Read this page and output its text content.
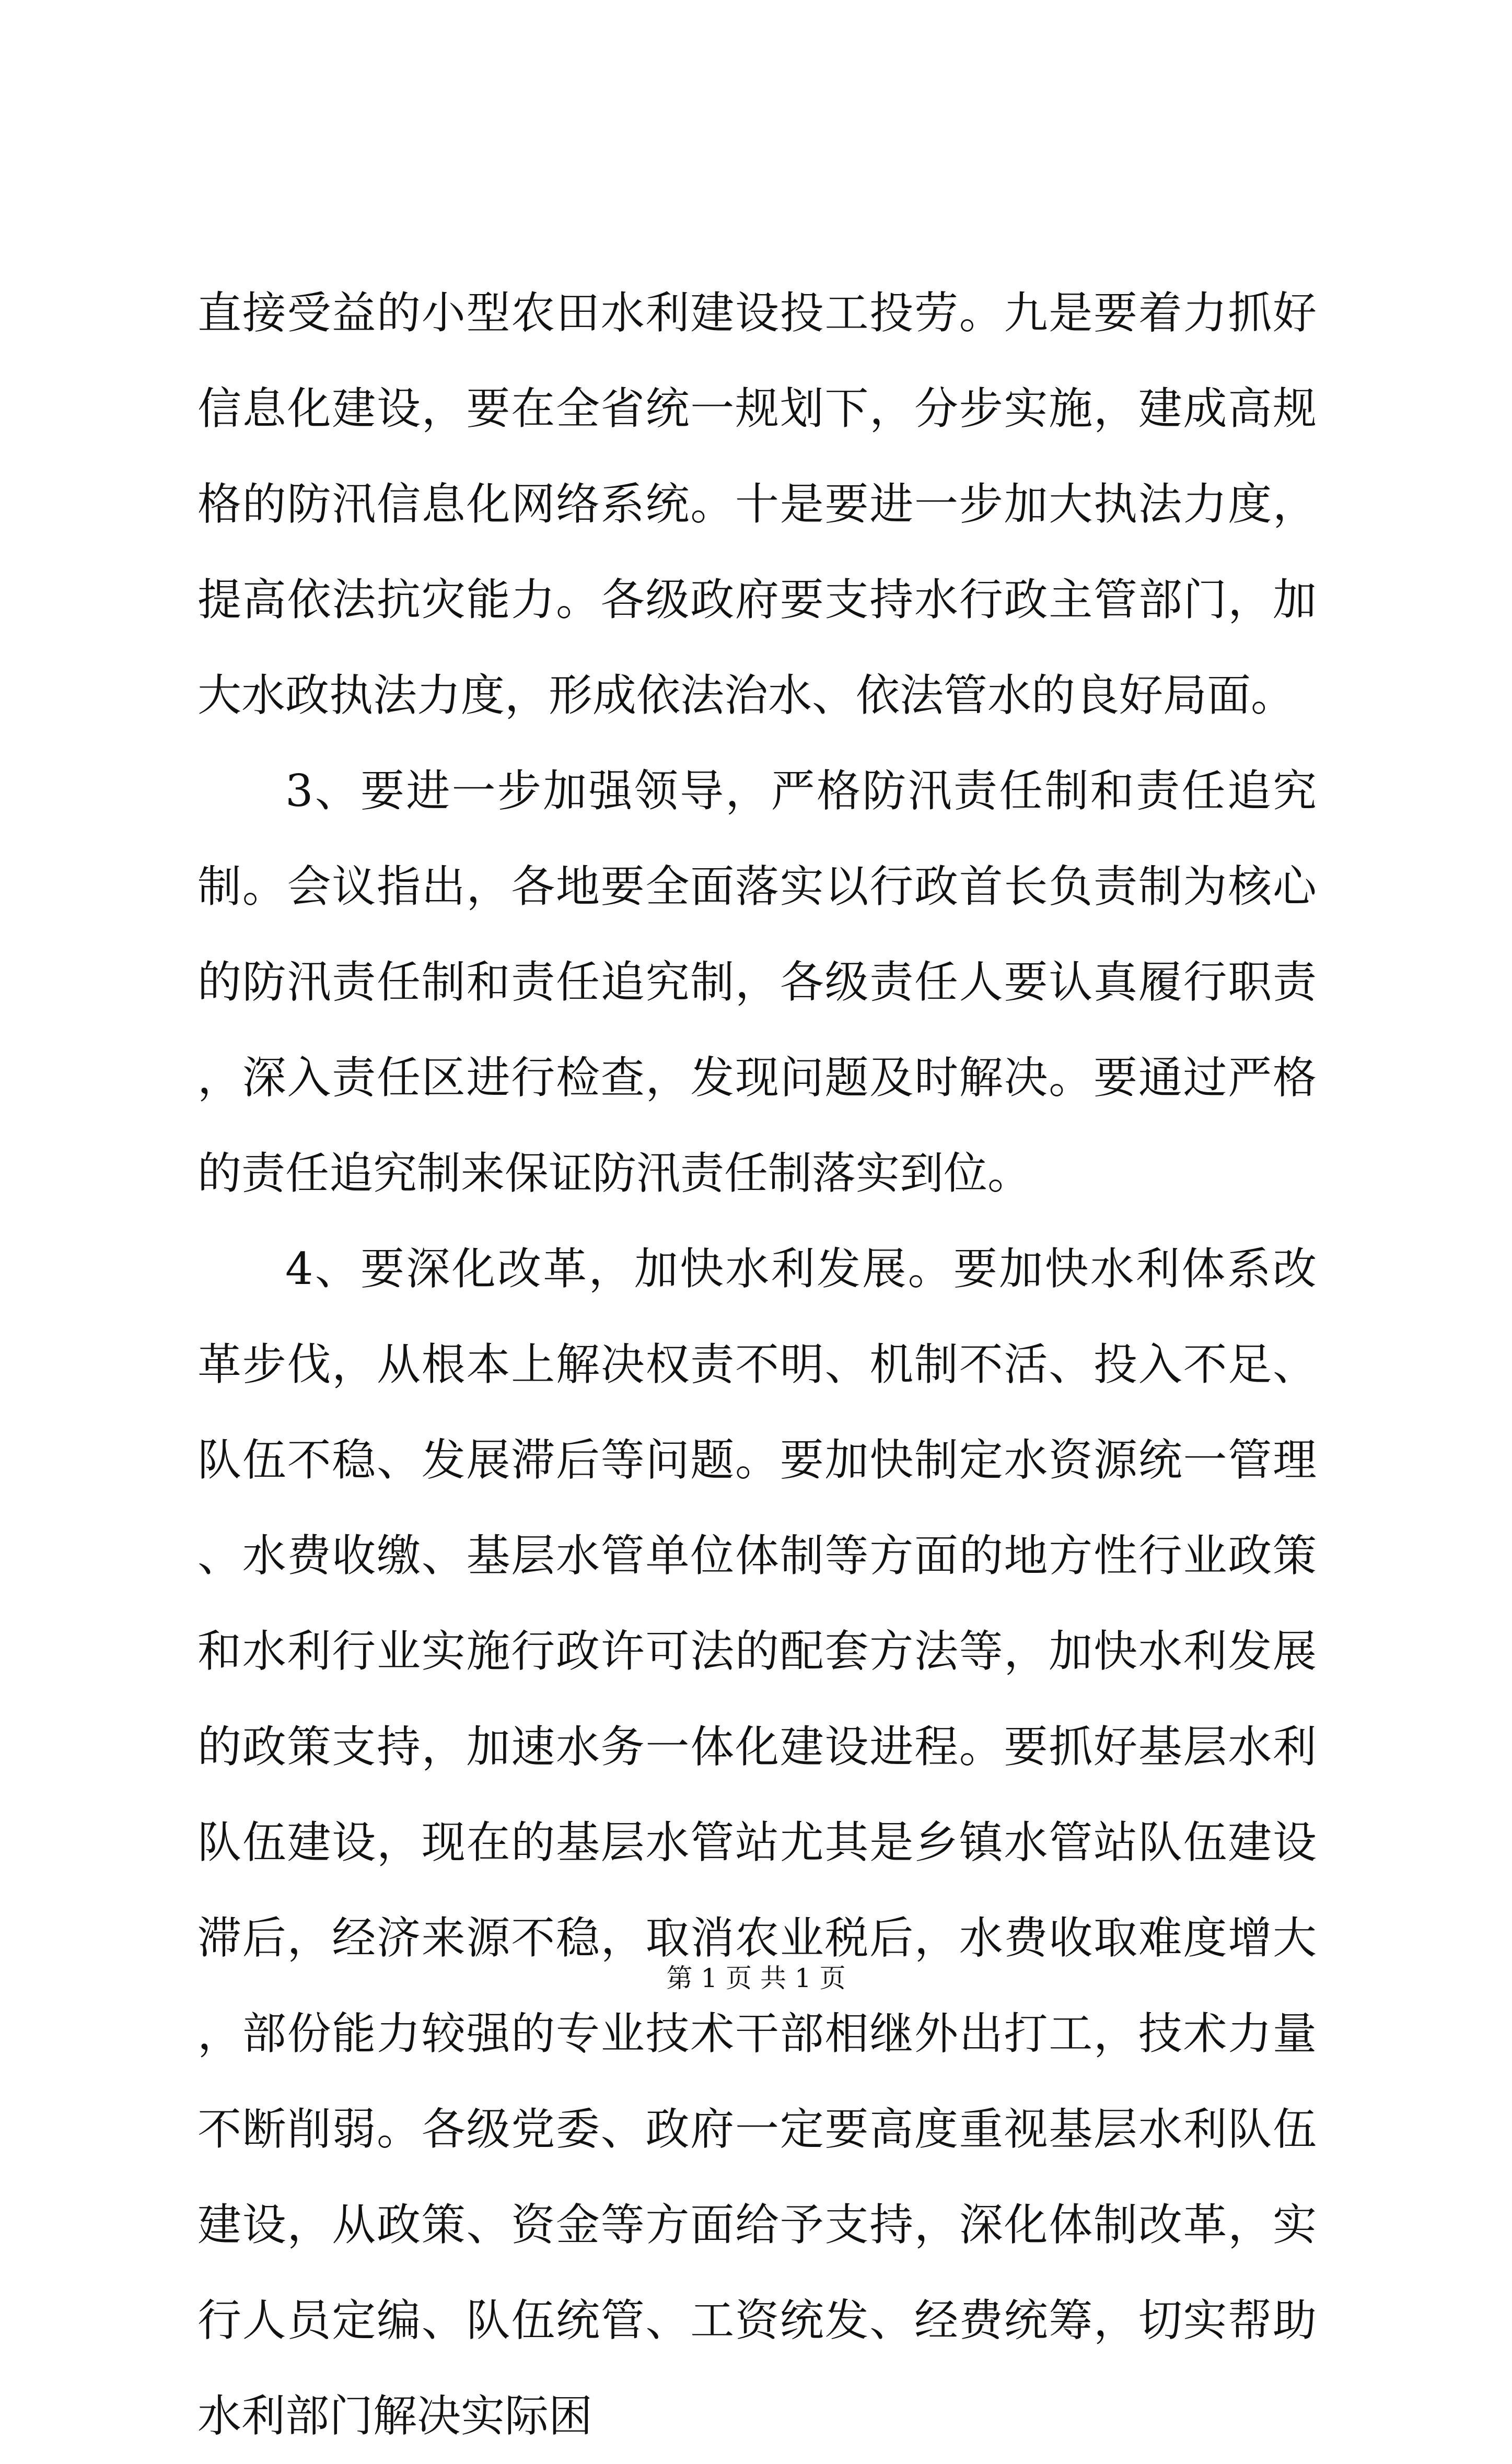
直接受益的小型农田水利建设投工投劳。九是要着力抓好信息化建设，要在全省统一规划下，分步实施，建成高规格的防汛信息化网络系统。十是要进一步加大执法力度，提高依法抗灾能力。各级政府要支持水行政主管部门，加大水政执法力度，形成依法治水、依法管水的良好局面。

3、要进一步加强领导，严格防汛责任制和责任追究制。会议指出，各地要全面落实以行政首长负责制为核心的防汛责任制和责任追究制，各级责任人要认真履行职责，深入责任区进行检查，发现问题及时解决。要通过严格的责任追究制来保证防汛责任制落实到位。

4、要深化改革，加快水利发展。要加快水利体系改革步伐，从根本上解决权责不明、机制不活、投入不足、队伍不稳、发展滞后等问题。要加快制定水资源统一管理、水费收缴、基层水管单位体制等方面的地方性行业政策和水利行业实施行政许可法的配套方法等，加快水利发展的政策支持，加速水务一体化建设进程。要抓好基层水利队伍建设，现在的基层水管站尤其是乡镇水管站队伍建设滞后，经济来源不稳，取消农业税后，水费收取难度增大，部份能力较强的专业技术干部相继外出打工，技术力量不断削弱。各级党委、政府一定要高度重视基层水利队伍建设，从政策、资金等方面给予支持，深化体制改革，实行人员定编、队伍统管、工资统发、经费统筹，切实帮助水利部门解决实际困

第 1 页 共 1 页
